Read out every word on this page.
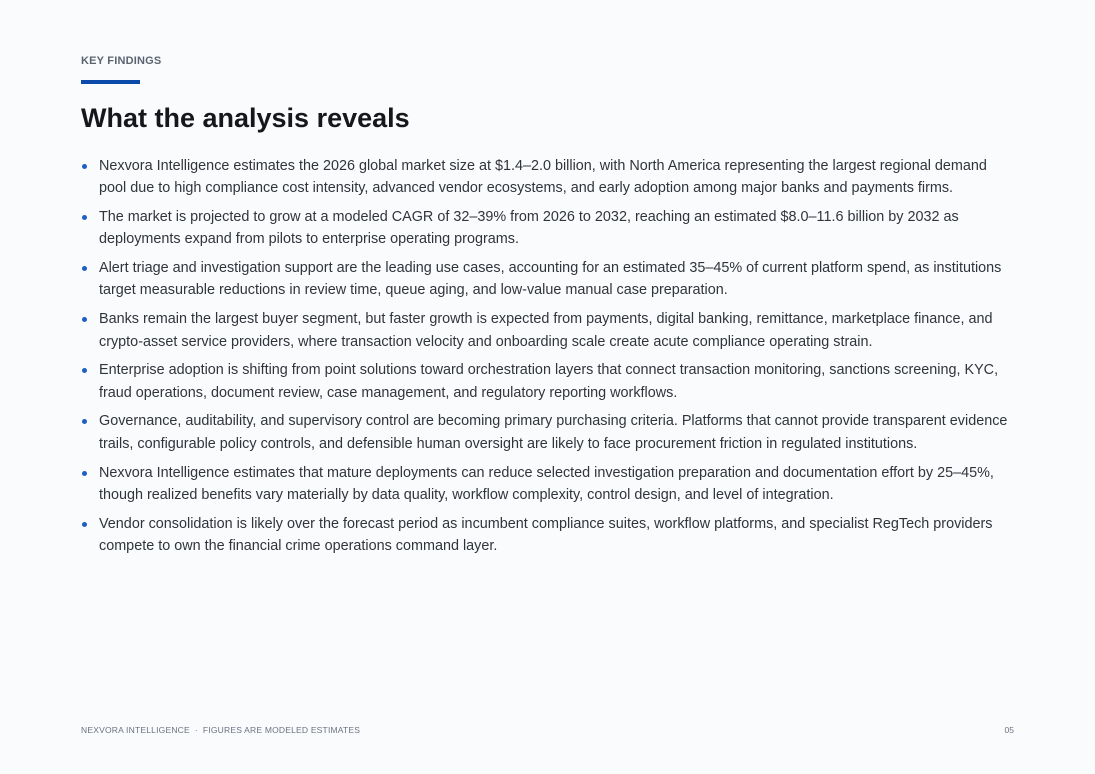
KEY FINDINGS
What the analysis reveals
Nexvora Intelligence estimates the 2026 global market size at $1.4–2.0 billion, with North America representing the largest regional demand pool due to high compliance cost intensity, advanced vendor ecosystems, and early adoption among major banks and payments firms.
The market is projected to grow at a modeled CAGR of 32–39% from 2026 to 2032, reaching an estimated $8.0–11.6 billion by 2032 as deployments expand from pilots to enterprise operating programs.
Alert triage and investigation support are the leading use cases, accounting for an estimated 35–45% of current platform spend, as institutions target measurable reductions in review time, queue aging, and low-value manual case preparation.
Banks remain the largest buyer segment, but faster growth is expected from payments, digital banking, remittance, marketplace finance, and crypto-asset service providers, where transaction velocity and onboarding scale create acute compliance operating strain.
Enterprise adoption is shifting from point solutions toward orchestration layers that connect transaction monitoring, sanctions screening, KYC, fraud operations, document review, case management, and regulatory reporting workflows.
Governance, auditability, and supervisory control are becoming primary purchasing criteria. Platforms that cannot provide transparent evidence trails, configurable policy controls, and defensible human oversight are likely to face procurement friction in regulated institutions.
Nexvora Intelligence estimates that mature deployments can reduce selected investigation preparation and documentation effort by 25–45%, though realized benefits vary materially by data quality, workflow complexity, control design, and level of integration.
Vendor consolidation is likely over the forecast period as incumbent compliance suites, workflow platforms, and specialist RegTech providers compete to own the financial crime operations command layer.
NEXVORA INTELLIGENCE · FIGURES ARE MODELED ESTIMATES	05
